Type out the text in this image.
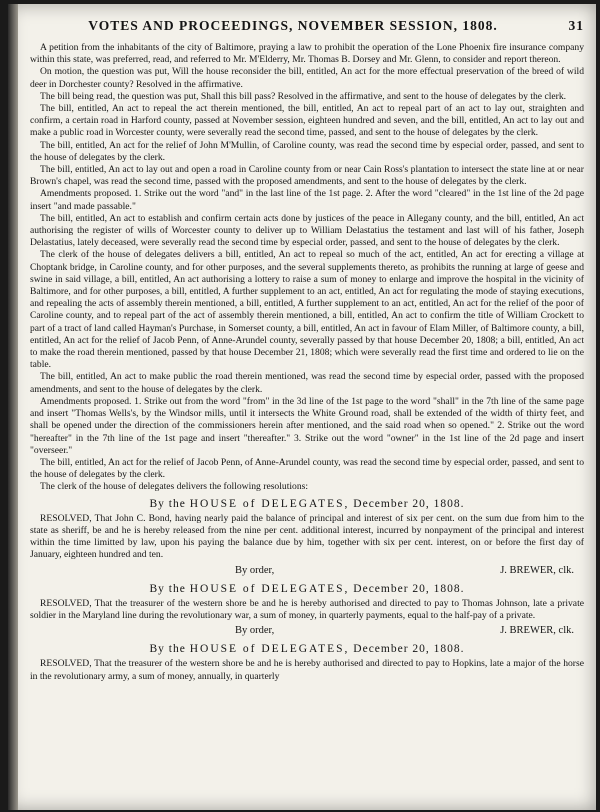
VOTES AND PROCEEDINGS, NOVEMBER SESSION, 1808.	31

A petition from the inhabitants of the city of Baltimore, praying a law to prohibit the operation of the Lone Phoenix fire insurance company within this state, was preferred, read, and referred to Mr. M'Elderry, Mr. Thomas B. Dorsey and Mr. Glenn, to consider and report thereon.

On motion, the question was put, Will the house reconsider the bill, entitled, An act for the more effectual preservation of the breed of wild deer in Dorchester county? Resolved in the affirmative.

The bill being read, the question was put, Shall this bill pass? Resolved in the affirmative, and sent to the house of delegates by the clerk.

The bill, entitled, An act to repeal the act therein mentioned, the bill, entitled, An act to repeal part of an act to lay out, straighten and confirm, a certain road in Harford county, passed at November session, eighteen hundred and seven, and the bill, entitled, An act to lay out and make a public road in Worcester county, were severally read the second time, passed, and sent to the house of delegates by the clerk.

The bill, entitled, An act for the relief of John M'Mullin, of Caroline county, was read the second time by especial order, passed, and sent to the house of delegates by the clerk.

The bill, entitled, An act to lay out and open a road in Caroline county from or near Cain Ross's plantation to intersect the state line at or near Brown's chapel, was read the second time, passed with the proposed amendments, and sent to the house of delegates by the clerk.

Amendments proposed. 1. Strike out the word "and" in the last line of the 1st page. 2. After the word "cleared" in the 1st line of the 2d page insert "and made passable."

The bill, entitled, An act to establish and confirm certain acts done by justices of the peace in Allegany county, and the bill, entitled, An act authorising the register of wills of Worcester county to deliver up to William Delastatius the testament and last will of his father, Joseph Delastatius, lately deceased, were severally read the second time by especial order, passed, and sent to the house of delegates by the clerk.

The clerk of the house of delegates delivers a bill, entitled, An act to repeal so much of the act, entitled, An act for erecting a village at Choptank bridge, in Caroline county, and for other purposes, and the several supplements thereto, as prohibits the running at large of geese and swine in said village, a bill, entitled, An act authorising a lottery to raise a sum of money to enlarge and improve the hospital in the vicinity of Baltimore, and for other purposes, a bill, entitled, A further supplement to an act, entitled, An act for regulating the mode of staying executions, and repealing the acts of assembly therein mentioned, a bill, entitled, A further supplement to an act, entitled, An act for the relief of the poor of Caroline county, and to repeal part of the act of assembly therein mentioned, a bill, entitled, An act to confirm the title of William Crockett to part of a tract of land called Hayman's Purchase, in Somerset county, a bill, entitled, An act in favour of Elam Miller, of Baltimore county, a bill, entitled, An act for the relief of Jacob Penn, of Anne-Arundel county, severally passed by that house December 20, 1808; a bill, entitled, An act to make the road therein mentioned, passed by that house December 21, 1808; which were severally read the first time and ordered to lie on the table.

The bill, entitled, An act to make public the road therein mentioned, was read the second time by especial order, passed with the proposed amendments, and sent to the house of delegates by the clerk.

Amendments proposed. 1. Strike out from the word "from" in the 3d line of the 1st page to the word "shall" in the 7th line of the same page and insert "Thomas Wells's, by the Windsor mills, until it intersects the White Ground road, shall be extended of the width of thirty feet, and shall be opened under the direction of the commissioners herein after mentioned, and the said road when so opened." 2. Strike out the word "hereafter" in the 7th line of the 1st page and insert "thereafter." 3. Strike out the word "owner" in the 1st line of the 2d page and insert "overseer."

The bill, entitled, An act for the relief of Jacob Penn, of Anne-Arundel county, was read the second time by especial order, passed, and sent to the house of delegates by the clerk.

The clerk of the house of delegates delivers the following resolutions:

By the HOUSE of DELEGATES, December 20, 1808.

RESOLVED, That John C. Bond, having nearly paid the balance of principal and interest of six per cent. on the sum due from him to the state as sheriff, be and he is hereby released from the nine per cent. additional interest, incurred by nonpayment of the principal and interest within the time limitted by law, upon his paying the balance due by him, together with six per cent. interest, on or before the first day of January, eighteen hundred and ten.

By order,	J. BREWER, clk.
By the HOUSE of DELEGATES, December 20, 1808.

RESOLVED, That the treasurer of the western shore be and he is hereby authorised and directed to pay to Thomas Johnson, late a private soldier in the Maryland line during the revolutionary war, a sum of money, in quarterly payments, equal to the half-pay of a private.

By order,	J. BREWER, clk.
By the HOUSE of DELEGATES, December 20, 1808.

RESOLVED, That the treasurer of the western shore be and he is hereby authorised and directed to pay to Hopkins, late a major of the horse in the revolutionary army, a sum of money, annually, in quarterly
